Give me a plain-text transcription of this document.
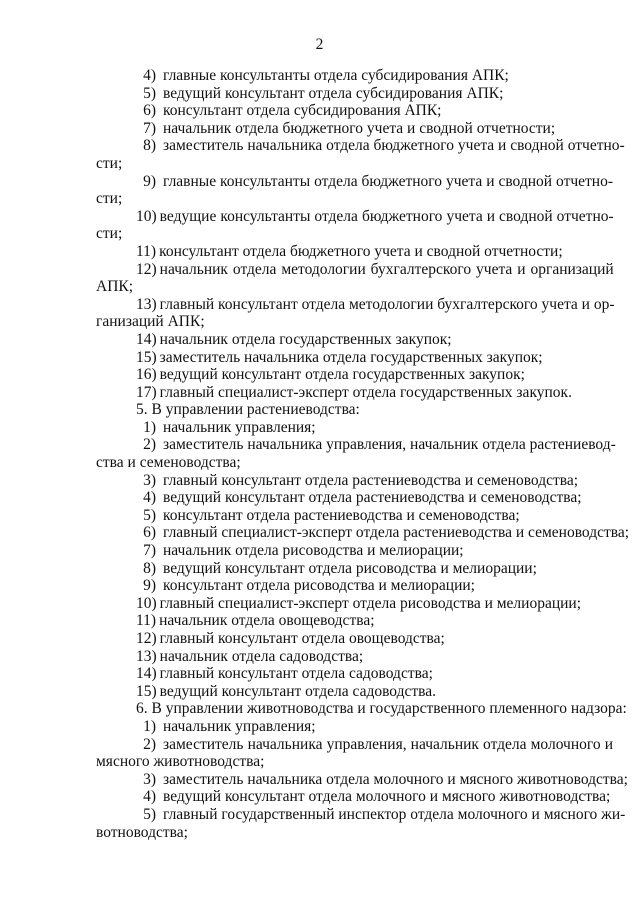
2
4) главные консультанты отдела субсидирования АПК;
5) ведущий консультант отдела субсидирования АПК;
6) консультант отдела субсидирования АПК;
7) начальник отдела бюджетного учета и сводной отчетности;
8) заместитель начальника отдела бюджетного учета и сводной отчетно-
сти;
9) главные консультанты отдела бюджетного учета и сводной отчетно-
сти;
10) ведущие консультанты отдела бюджетного учета и сводной отчетно-
сти;
11) консультант отдела бюджетного учета и сводной отчетности;
12) начальник отдела методологии бухгалтерского учета и организаций
АПК;
13) главный консультант отдела методологии бухгалтерского учета и ор-
ганизаций АПК;
14) начальник отдела государственных закупок;
15) заместитель начальника отдела государственных закупок;
16) ведущий консультант отдела государственных закупок;
17) главный специалист-эксперт отдела государственных закупок.
5. В управлении растениеводства:
1) начальник управления;
2) заместитель начальника управления, начальник отдела растениевод-
ства и семеноводства;
3) главный консультант отдела растениеводства и семеноводства;
4) ведущий консультант отдела растениеводства и семеноводства;
5) консультант отдела растениеводства и семеноводства;
6) главный специалист-эксперт отдела растениеводства и семеноводства;
7) начальник отдела рисоводства и мелиорации;
8) ведущий консультант отдела рисоводства и мелиорации;
9) консультант отдела рисоводства и мелиорации;
10) главный специалист-эксперт отдела рисоводства и мелиорации;
11) начальник отдела овощеводства;
12) главный консультант отдела овощеводства;
13) начальник отдела садоводства;
14) главный консультант отдела садоводства;
15) ведущий консультант отдела садоводства.
6. В управлении животноводства и государственного племенного надзора:
1) начальник управления;
2) заместитель начальника управления, начальник отдела молочного и
мясного животноводства;
3) заместитель начальника отдела молочного и мясного животноводства;
4) ведущий консультант отдела молочного и мясного животноводства;
5) главный государственный инспектор отдела молочного и мясного жи-
вотноводства;
